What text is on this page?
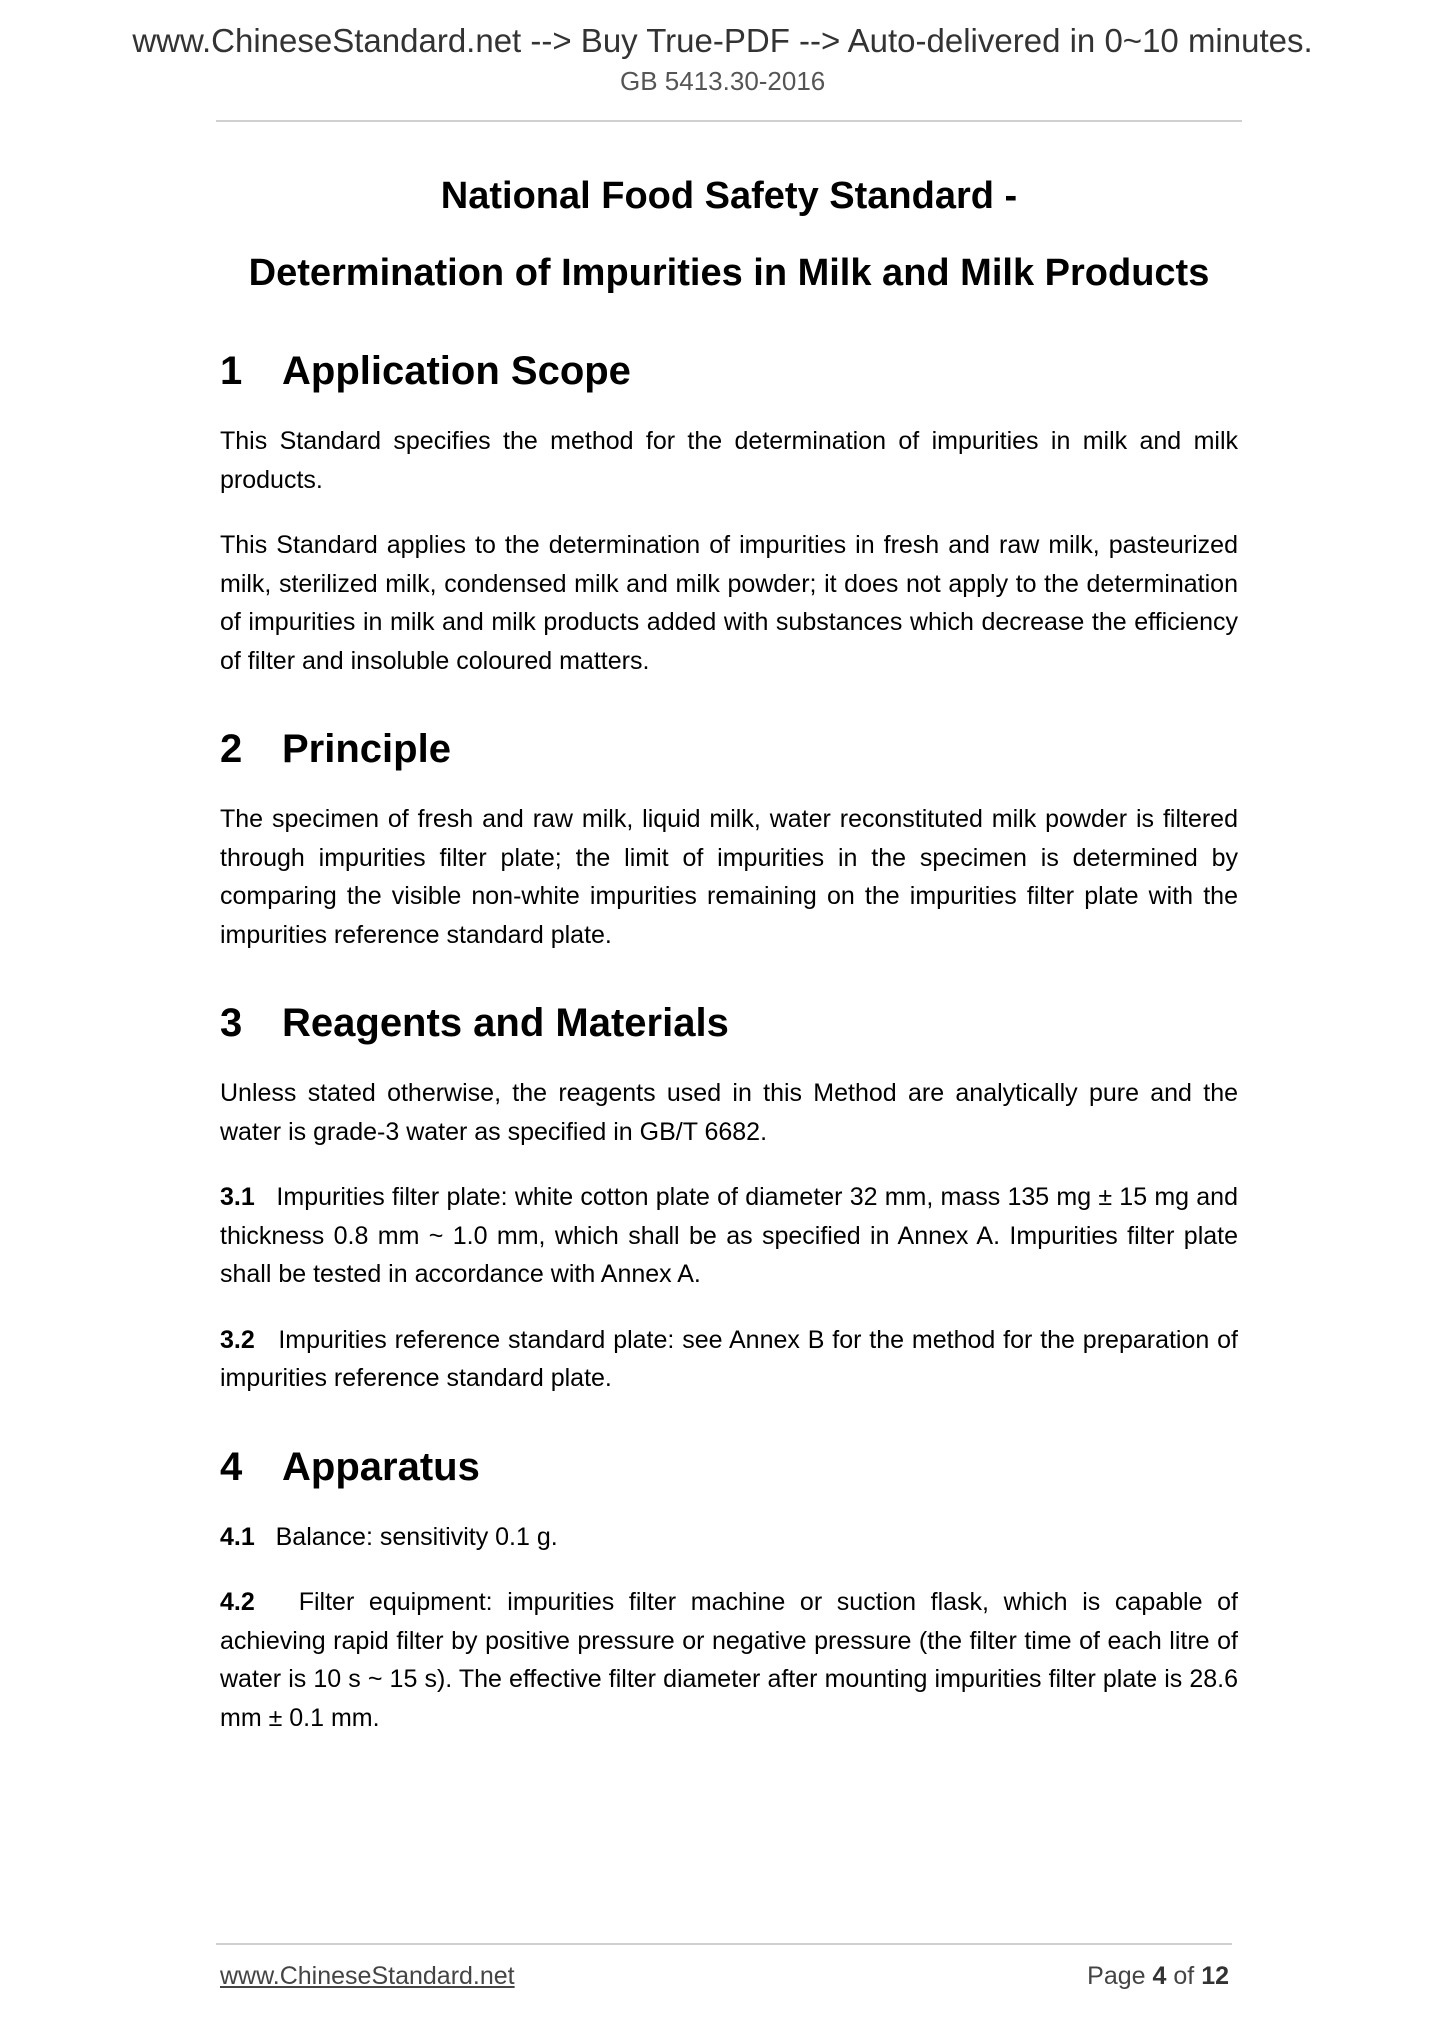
www.ChineseStandard.net --> Buy True-PDF --> Auto-delivered in 0~10 minutes.
GB 5413.30-2016

National Food Safety Standard -

Determination of Impurities in Milk and Milk Products

1 Application Scope

This Standard specifies the method for the determination of impurities in milk and milk products.

This Standard applies to the determination of impurities in fresh and raw milk, pasteurized milk, sterilized milk, condensed milk and milk powder; it does not apply to the determination of impurities in milk and milk products added with substances which decrease the efficiency of filter and insoluble coloured matters.

2 Principle

The specimen of fresh and raw milk, liquid milk, water reconstituted milk powder is filtered through impurities filter plate; the limit of impurities in the specimen is determined by comparing the visible non-white impurities remaining on the impurities filter plate with the impurities reference standard plate.

3 Reagents and Materials

Unless stated otherwise, the reagents used in this Method are analytically pure and the water is grade-3 water as specified in GB/T 6682.

3.1 Impurities filter plate: white cotton plate of diameter 32 mm, mass 135 mg ± 15 mg and thickness 0.8 mm ~ 1.0 mm, which shall be as specified in Annex A. Impurities filter plate shall be tested in accordance with Annex A.

3.2 Impurities reference standard plate: see Annex B for the method for the preparation of impurities reference standard plate.

4 Apparatus

4.1 Balance: sensitivity 0.1 g.

4.2 Filter equipment: impurities filter machine or suction flask, which is capable of achieving rapid filter by positive pressure or negative pressure (the filter time of each litre of water is 10 s ~ 15 s). The effective filter diameter after mounting impurities filter plate is 28.6 mm ± 0.1 mm.

www.ChineseStandard.net	Page 4 of 12
